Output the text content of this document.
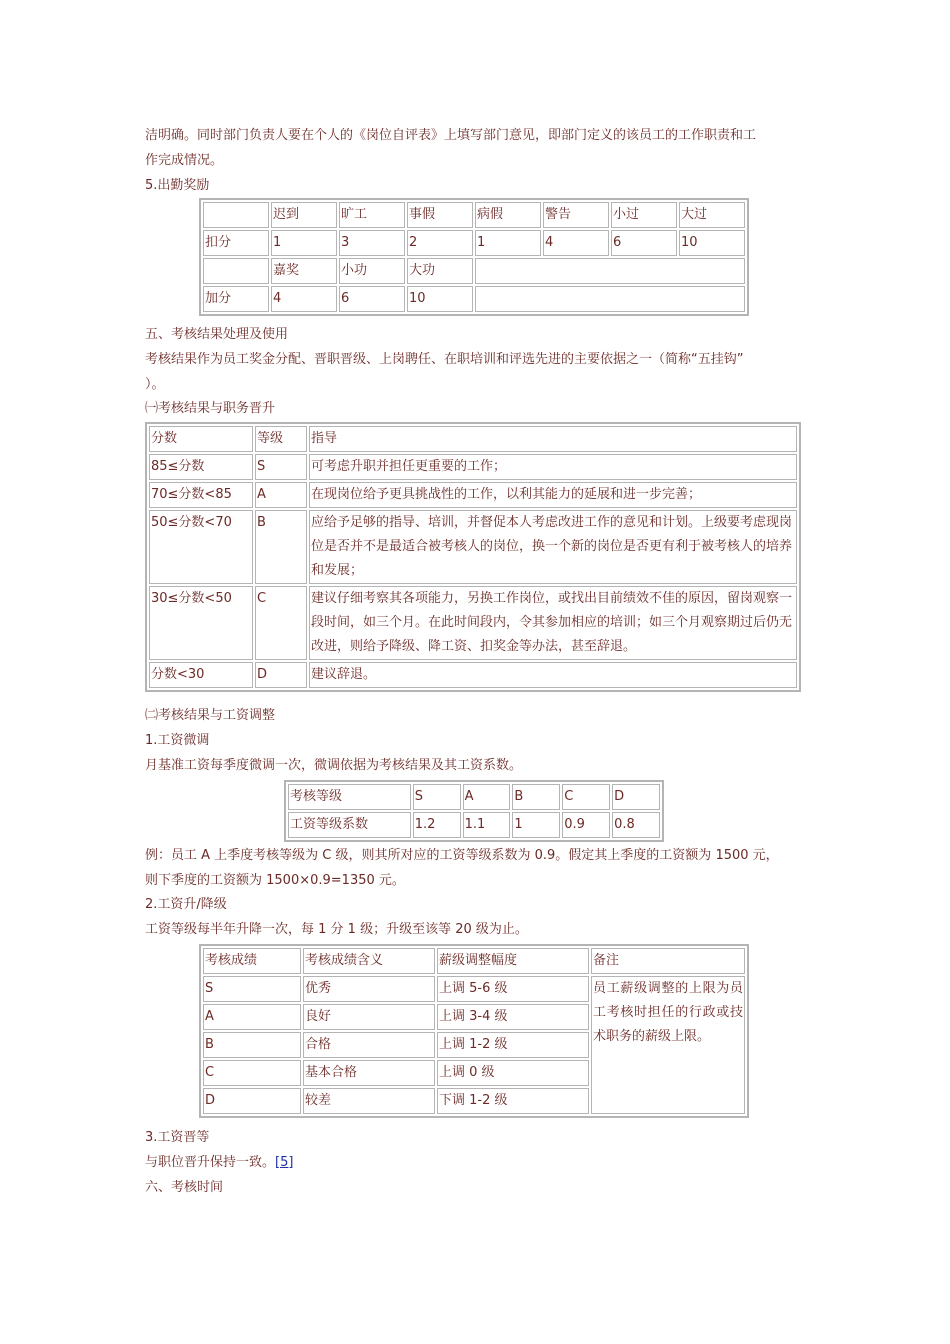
洁明确。同时部门负责人要在个人的《岗位自评表》上填写部门意见，即部门定义的该员工的工作职责和工
作完成情况。
5.出勤奖励
	迟到	旷工	事假	病假	警告	小过	大过
扣分	1	3	2	1	4	6	10
	嘉奖	小功	大功				
加分	4	6	10				
五、考核结果处理及使用
考核结果作为员工奖金分配、晋职晋级、上岗聘任、在职培训和评选先进的主要依据之一（简称“五挂钩”
）。
㈠考核结果与职务晋升
分数	等级	指导
85≤分数	S	可考虑升职并担任更重要的工作；
70≤分数<85	A	在现岗位给予更具挑战性的工作，以利其能力的延展和进一步完善；
50≤分数<70	B	应给予足够的指导、培训，并督促本人考虑改进工作的意见和计划。上级要考虑现岗位是否并不是最适合被考核人的岗位，换一个新的岗位是否更有利于被考核人的培养和发展；
30≤分数<50	C	建议仔细考察其各项能力，另换工作岗位，或找出目前绩效不佳的原因，留岗观察一段时间，如三个月。在此时间段内，令其参加相应的培训；如三个月观察期过后仍无改进，则给予降级、降工资、扣奖金等办法，甚至辞退。
分数<30	D	建议辞退。
㈡考核结果与工资调整
1.工资微调
月基准工资每季度微调一次，微调依据为考核结果及其工资系数。
考核等级	S	A	B	C	D
工资等级系数	1.2	1.1	1	0.9	0.8
例：员工 A 上季度考核等级为 C 级，则其所对应的工资等级系数为 0.9。假定其上季度的工资额为 1500 元，
则下季度的工资额为 1500×0.9=1350 元。
2.工资升/降级
工资等级每半年升降一次，每 1 分 1 级；升级至该等 20 级为止。
考核成绩	考核成绩含义	薪级调整幅度	备注
S	优秀	上调 5-6 级	员工薪级调整的上限为员工考核时担任的行政或技术职务的薪级上限。
A	良好	上调 3-4 级	
B	合格	上调 1-2 级	
C	基本合格	上调 0 级	
D	较差	下调 1-2 级	
3.工资晋等
与职位晋升保持一致。[5]
六、考核时间
